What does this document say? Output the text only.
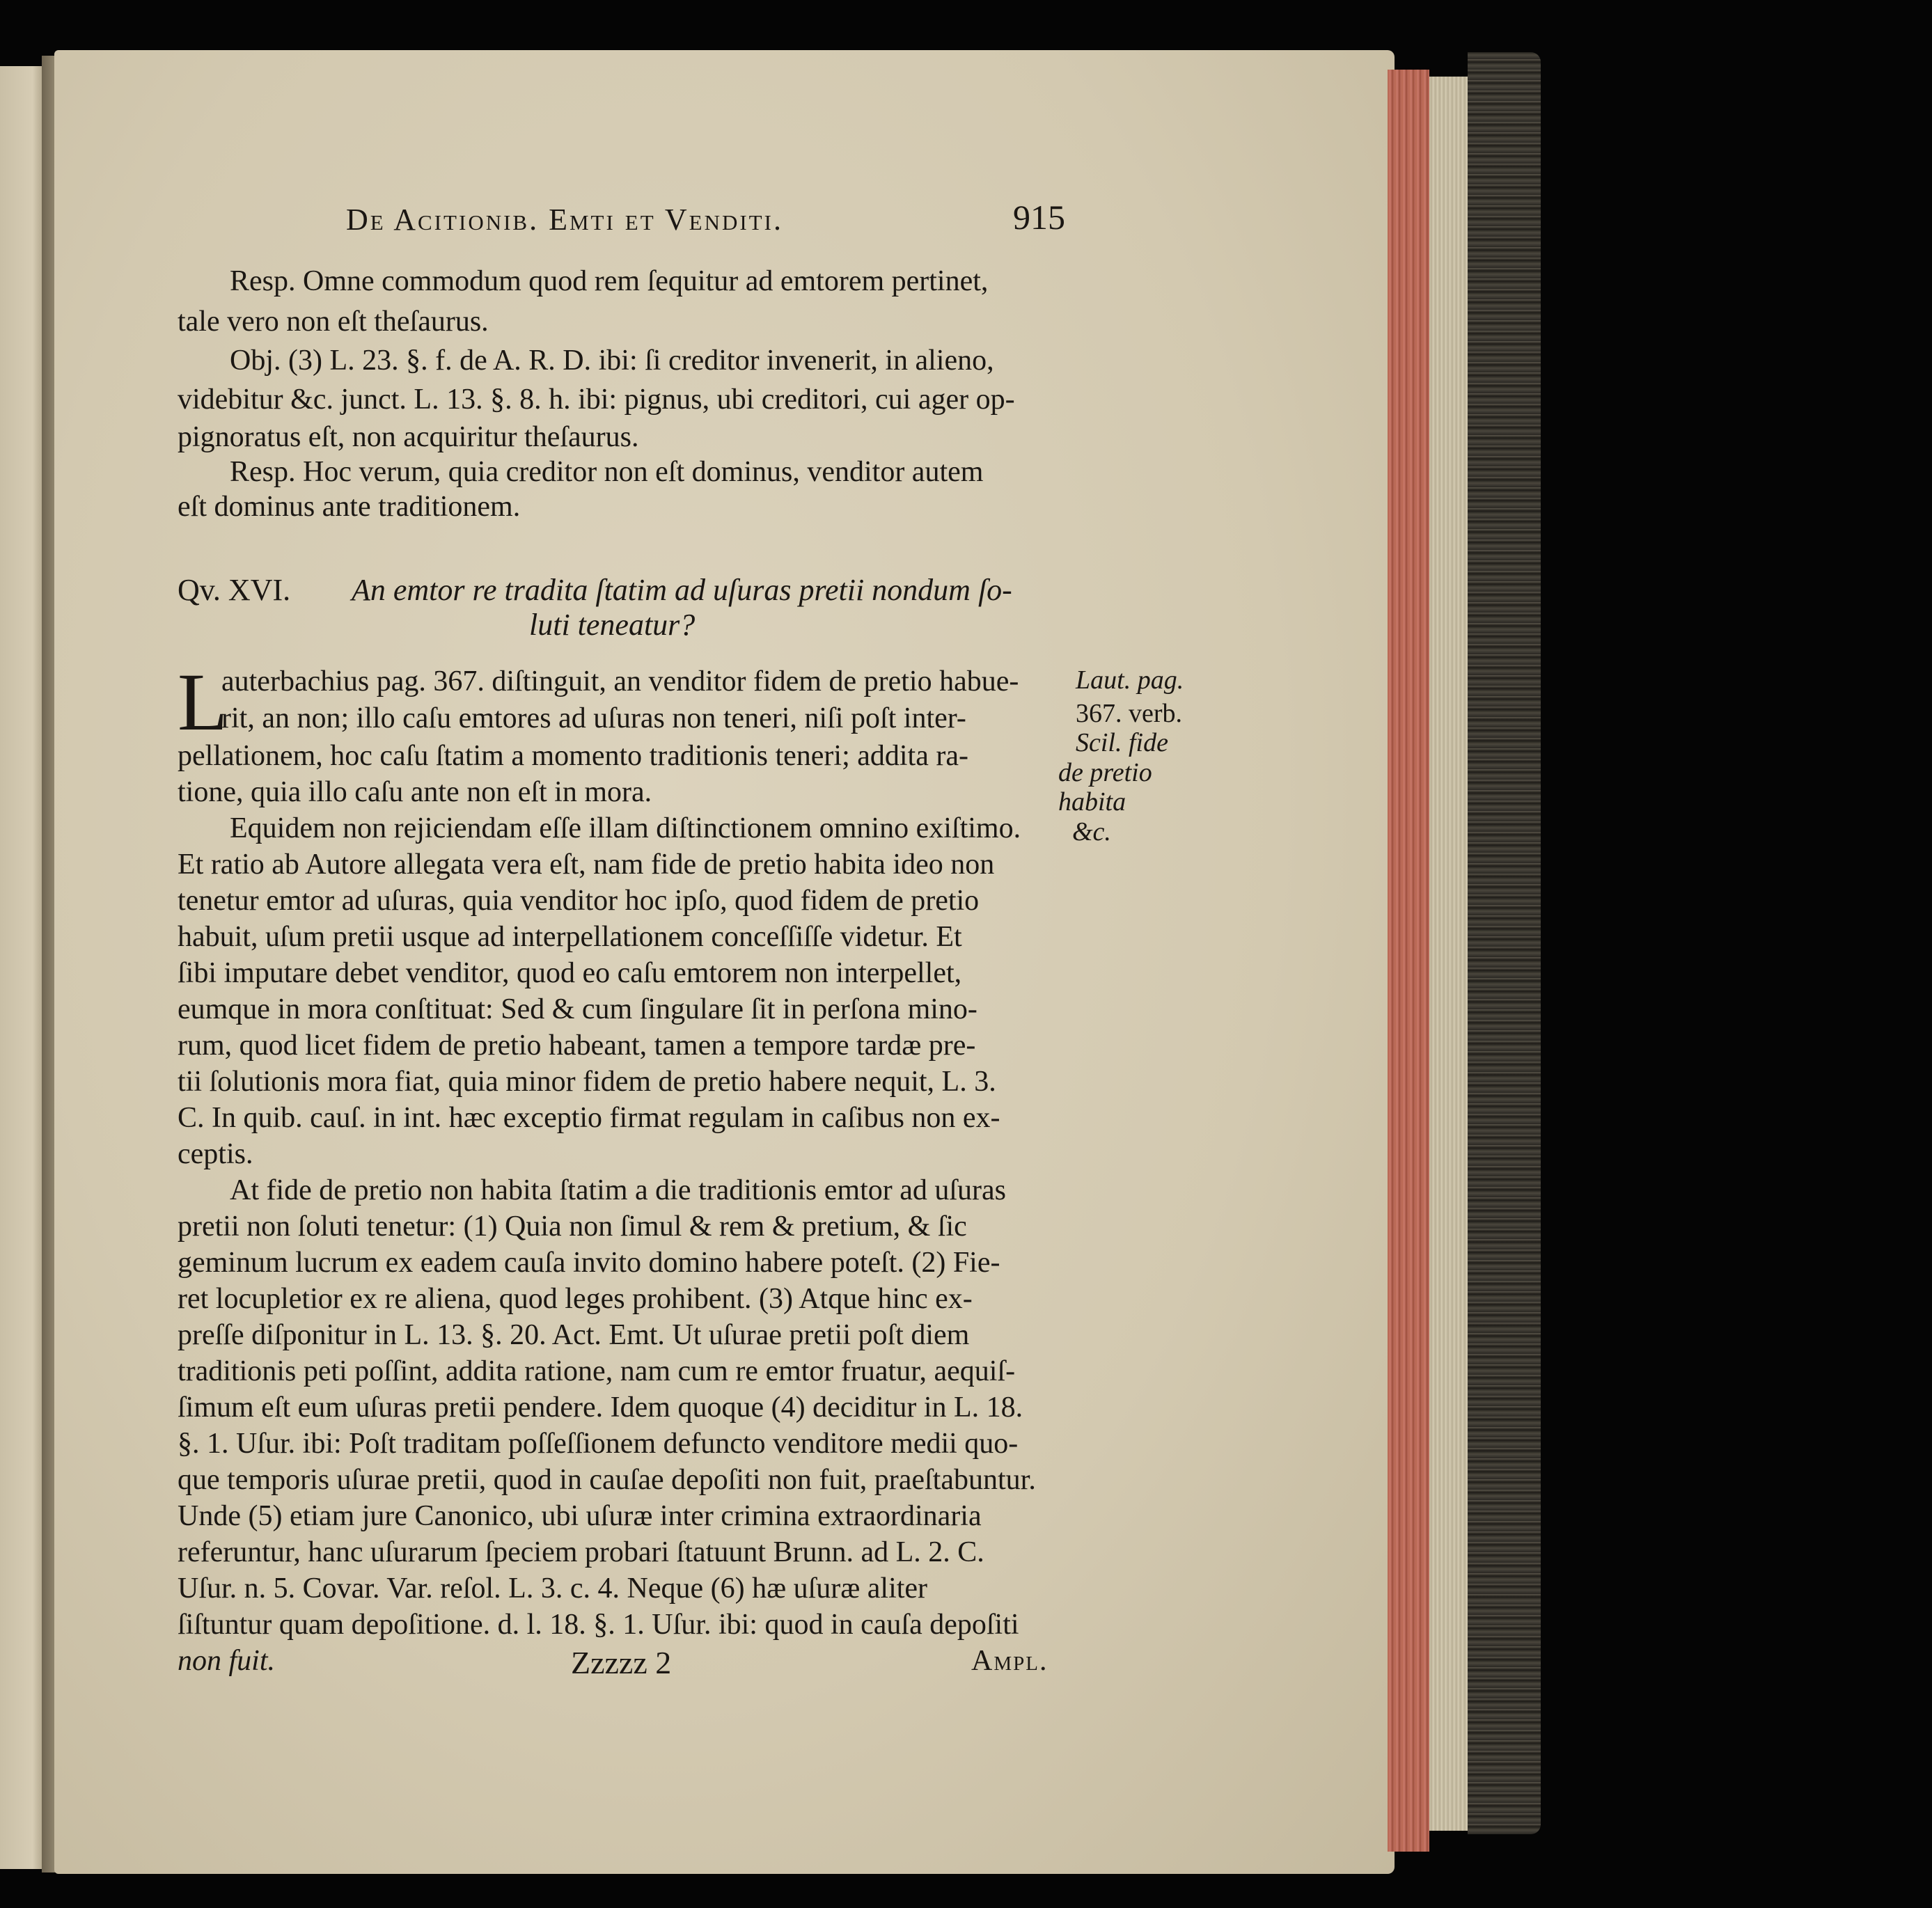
De Acitionib. Emti et Venditi.	915
Resp. Omne commodum quod rem ſequitur ad emtorem pertinet,
tale vero non eſt theſaurus.
Obj. (3) L. 23. §. f. de A. R. D. ibi: ſi creditor invenerit, in alieno,
videbitur &c. junct. L. 13. §. 8. h. ibi: pignus, ubi creditori, cui ager op-
pignoratus eſt, non acquiritur theſaurus.
Resp. Hoc verum, quia creditor non eſt dominus, venditor autem
eſt dominus ante traditionem.
Qv. XVI. An emtor re tradita ſtatim ad uſuras pretii nondum ſo-
luti teneatur?
L
auterbachius pag. 367. diſtinguit, an venditor fidem de pretio habue-
rit, an non; illo caſu emtores ad uſuras non teneri, niſi poſt inter-
pellationem, hoc caſu ſtatim a momento traditionis teneri; addita ra-
tione, quia illo caſu ante non eſt in mora.
Equidem non rejiciendam eſſe illam diſtinctionem omnino exiſtimo.
Et ratio ab Autore allegata vera eſt, nam fide de pretio habita ideo non
tenetur emtor ad uſuras, quia venditor hoc ipſo, quod fidem de pretio
habuit, uſum pretii usque ad interpellationem conceſſiſſe videtur. Et
ſibi imputare debet venditor, quod eo caſu emtorem non interpellet,
eumque in mora conſtituat: Sed & cum ſingulare ſit in perſona mino-
rum, quod licet fidem de pretio habeant, tamen a tempore tardæ pre-
tii ſolutionis mora fiat, quia minor fidem de pretio habere nequit, L. 3.
C. In quib. cauſ. in int. hæc exceptio firmat regulam in caſibus non ex-
ceptis.
At fide de pretio non habita ſtatim a die traditionis emtor ad uſuras
pretii non ſoluti tenetur: (1) Quia non ſimul & rem & pretium, & ſic
geminum lucrum ex eadem cauſa invito domino habere poteſt. (2) Fie-
ret locupletior ex re aliena, quod leges prohibent. (3) Atque hinc ex-
preſſe diſponitur in L. 13. §. 20. Act. Emt. Ut uſurae pretii poſt diem
traditionis peti poſſint, addita ratione, nam cum re emtor fruatur, aequiſ-
ſimum eſt eum uſuras pretii pendere. Idem quoque (4) deciditur in L. 18.
§. 1. Uſur. ibi: Poſt traditam poſſeſſionem defuncto venditore medii quo-
que temporis uſurae pretii, quod in cauſae depoſiti non fuit, praeſtabuntur.
Unde (5) etiam jure Canonico, ubi uſuræ inter crimina extraordinaria
referuntur, hanc uſurarum ſpeciem probari ſtatuunt Brunn. ad L. 2. C.
Uſur. n. 5. Covar. Var. reſol. L. 3. c. 4. Neque (6) hæ uſuræ aliter
ſiſtuntur quam depoſitione. d. l. 18. §. 1. Uſur. ibi: quod in cauſa depoſiti
non fuit.	Zzzzz 2	Ampl.
Laut. pag.
367. verb.
Scil. fide
de pretio
habita
&c.
